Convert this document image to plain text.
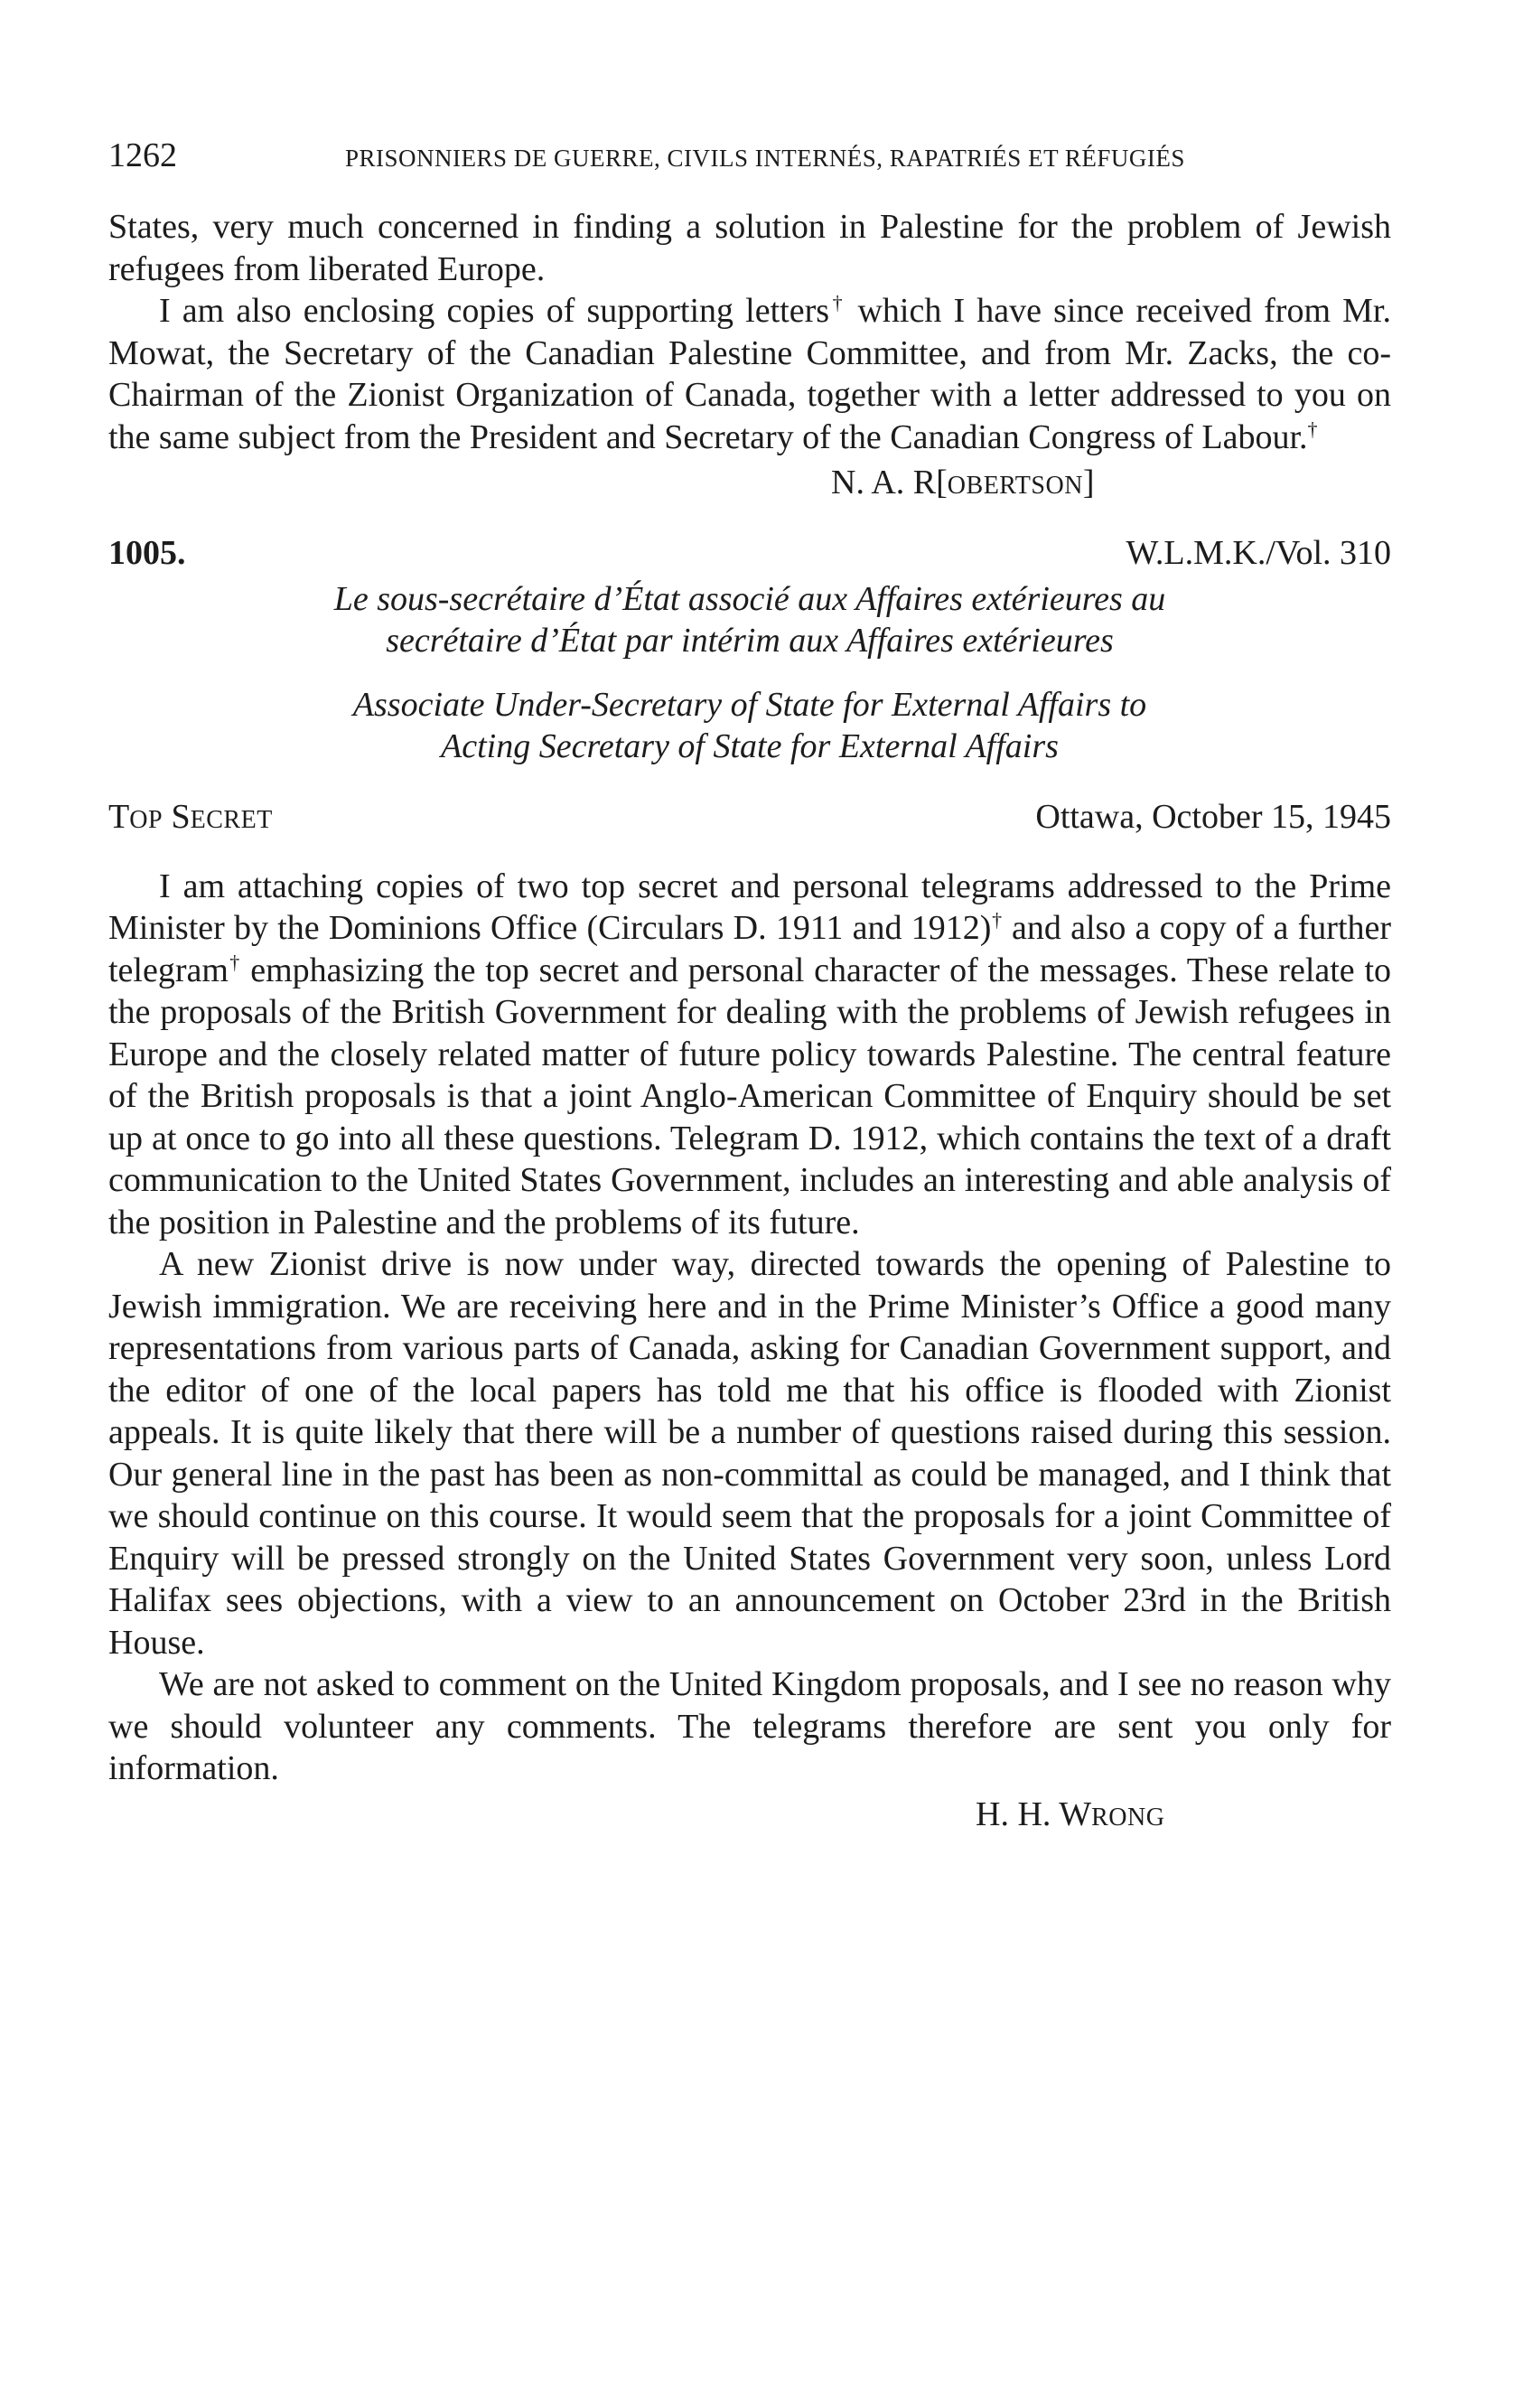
1262	PRISONNIERS DE GUERRE, CIVILS INTERNÉS, RAPATRIÉS ET RÉFUGIÉS

States, very much concerned in finding a solution in Palestine for the problem of Jewish refugees from liberated Europe.

I am also enclosing copies of supporting letters† which I have since received from Mr. Mowat, the Secretary of the Canadian Palestine Committee, and from Mr. Zacks, the co-Chairman of the Zionist Organization of Canada, together with a letter addressed to you on the same subject from the President and Secretary of the Canadian Congress of Labour.†

N. A. R[OBERTSON]
1005.	W.L.M.K./Vol. 310
Le sous-secrétaire d’État associé aux Affaires extérieures au
secrétaire d’État par intérim aux Affaires extérieures
Associate Under-Secretary of State for External Affairs to
Acting Secretary of State for External Affairs
TOP SECRET	Ottawa, October 15, 1945

I am attaching copies of two top secret and personal telegrams addressed to the Prime Minister by the Dominions Office (Circulars D. 1911 and 1912)† and also a copy of a further telegram† emphasizing the top secret and personal character of the messages. These relate to the proposals of the British Government for dealing with the problems of Jewish refugees in Europe and the closely related matter of future policy towards Palestine. The central feature of the British proposals is that a joint Anglo-American Committee of Enquiry should be set up at once to go into all these questions. Telegram D. 1912, which contains the text of a draft communication to the United States Government, includes an interesting and able analysis of the position in Palestine and the problems of its future.

A new Zionist drive is now under way, directed towards the opening of Palestine to Jewish immigration. We are receiving here and in the Prime Minister’s Office a good many representations from various parts of Canada, asking for Canadian Government support, and the editor of one of the local papers has told me that his office is flooded with Zionist appeals. It is quite likely that there will be a number of questions raised during this session. Our general line in the past has been as non-committal as could be managed, and I think that we should continue on this course. It would seem that the proposals for a joint Committee of Enquiry will be pressed strongly on the United States Government very soon, unless Lord Halifax sees objections, with a view to an announcement on October 23rd in the British House.

We are not asked to comment on the United Kingdom proposals, and I see no reason why we should volunteer any comments. The telegrams therefore are sent you only for information.

H. H. WRONG
